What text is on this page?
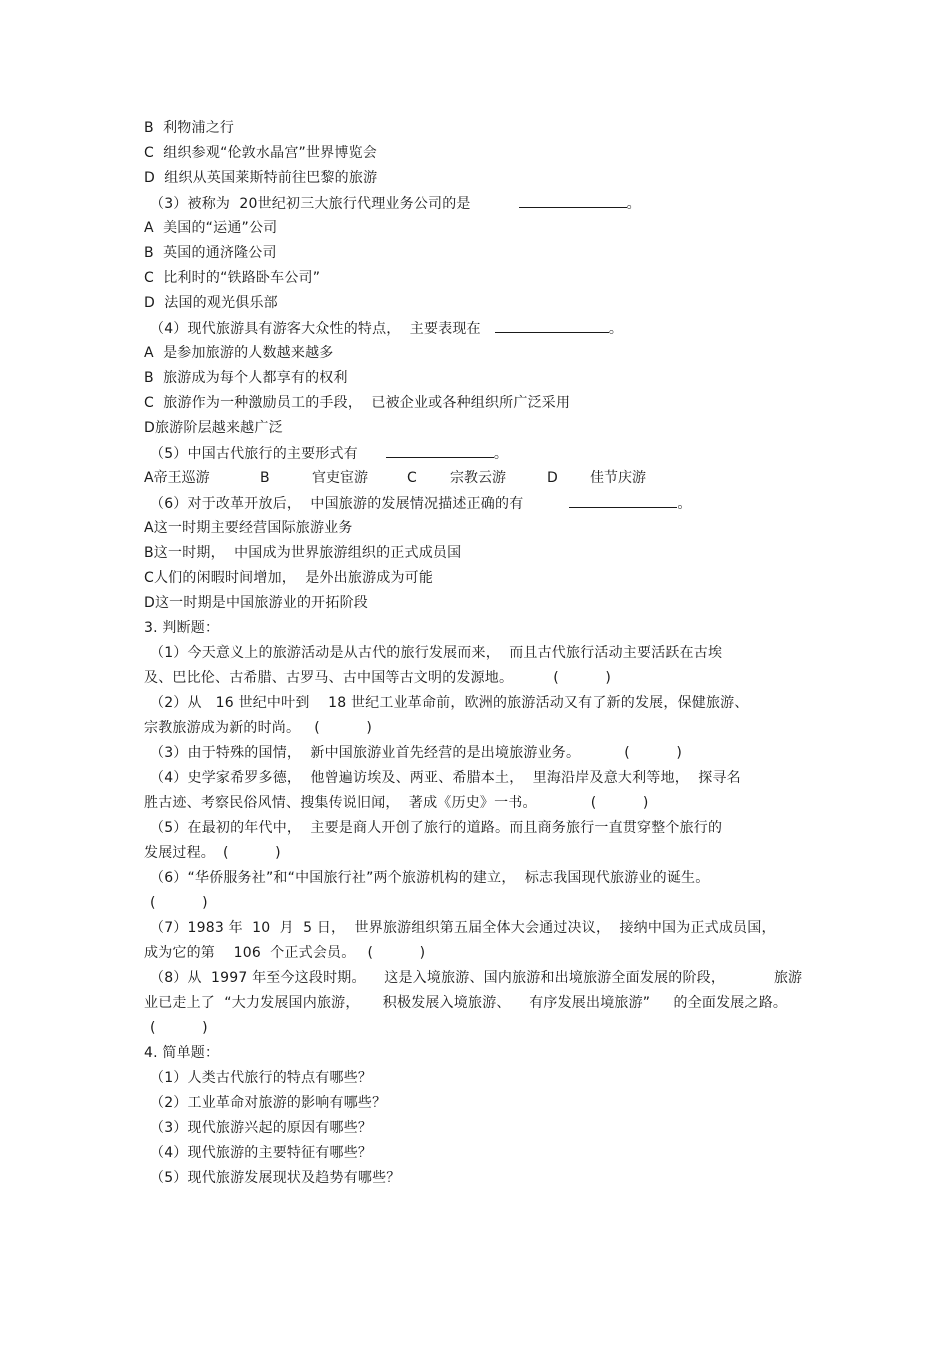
B  利物浦之行
C  组织参观“伦敦水晶宫”世界博览会
D  组织从英国莱斯特前往巴黎的旅游
（3）被称为  20世纪初三大旅行代理业务公司的是	。
A  美国的“运通”公司
B  英国的通济隆公司
C  比利时的“铁路卧车公司”
D  法国的观光俱乐部
（4）现代旅游具有游客大众性的特点，  主要表现在	。
A  是参加旅游的人数越来越多
B  旅游成为每个人都享有的权利
C  旅游作为一种激励员工的手段，  已被企业或各种组织所广泛采用
D旅游阶层越来越广泛
（5）中国古代旅行的主要形式有	。
A帝王巡游	B	官吏宦游	C 宗教云游	D 佳节庆游
（6）对于改革开放后，  中国旅游的发展情况描述正确的有	。
A这一时期主要经营国际旅游业务
B这一时期，  中国成为世界旅游组织的正式成员国
C人们的闲暇时间增加，  是外出旅游成为可能
D这一时期是中国旅游业的开拓阶段
3. 判断题：
（1）今天意义上的旅游活动是从古代的旅行发展而来，  而且古代旅行活动主要活跃在古埃
及、巴比伦、古希腊、古罗马、古中国等古文明的发源地。	(          )
（2）从   16 世纪中叶到    18 世纪工业革命前，欧洲的旅游活动又有了新的发展，保健旅游、
宗教旅游成为新的时尚。 (          )
（3）由于特殊的国情，  新中国旅游业首先经营的是出境旅游业务。	(          )
（4）史学家希罗多德，  他曾遍访埃及、两亚、希腊本土，  里海沿岸及意大利等地，  探寻名
胜古迹、考察民俗风情、搜集传说旧闻，  著成《历史》一书。	(          )
（5）在最初的年代中，  主要是商人开创了旅行的道路。而且商务旅行一直贯穿整个旅行的
发展过程。 (          )
（6）“华侨服务社”和“中国旅行社”两个旅游机构的建立，  标志我国现代旅游业的诞生。
(          )
（7）1983 年  10  月  5 日，  世界旅游组织第五届全体大会通过决议，  接纳中国为正式成员国，
成为它的第    106  个正式会员。 (          )
（8）从  1997 年至今这段时期。    这是入境旅游、国内旅游和出境旅游全面发展的阶段，	旅游
业已走上了  “大力发展国内旅游，     积极发展入境旅游、    有序发展出境旅游”     的全面发展之路。
(          )
4. 简单题：
（1）人类古代旅行的特点有哪些？
（2）工业革命对旅游的影响有哪些？
（3）现代旅游兴起的原因有哪些？
（4）现代旅游的主要特征有哪些？
（5）现代旅游发展现状及趋势有哪些？
